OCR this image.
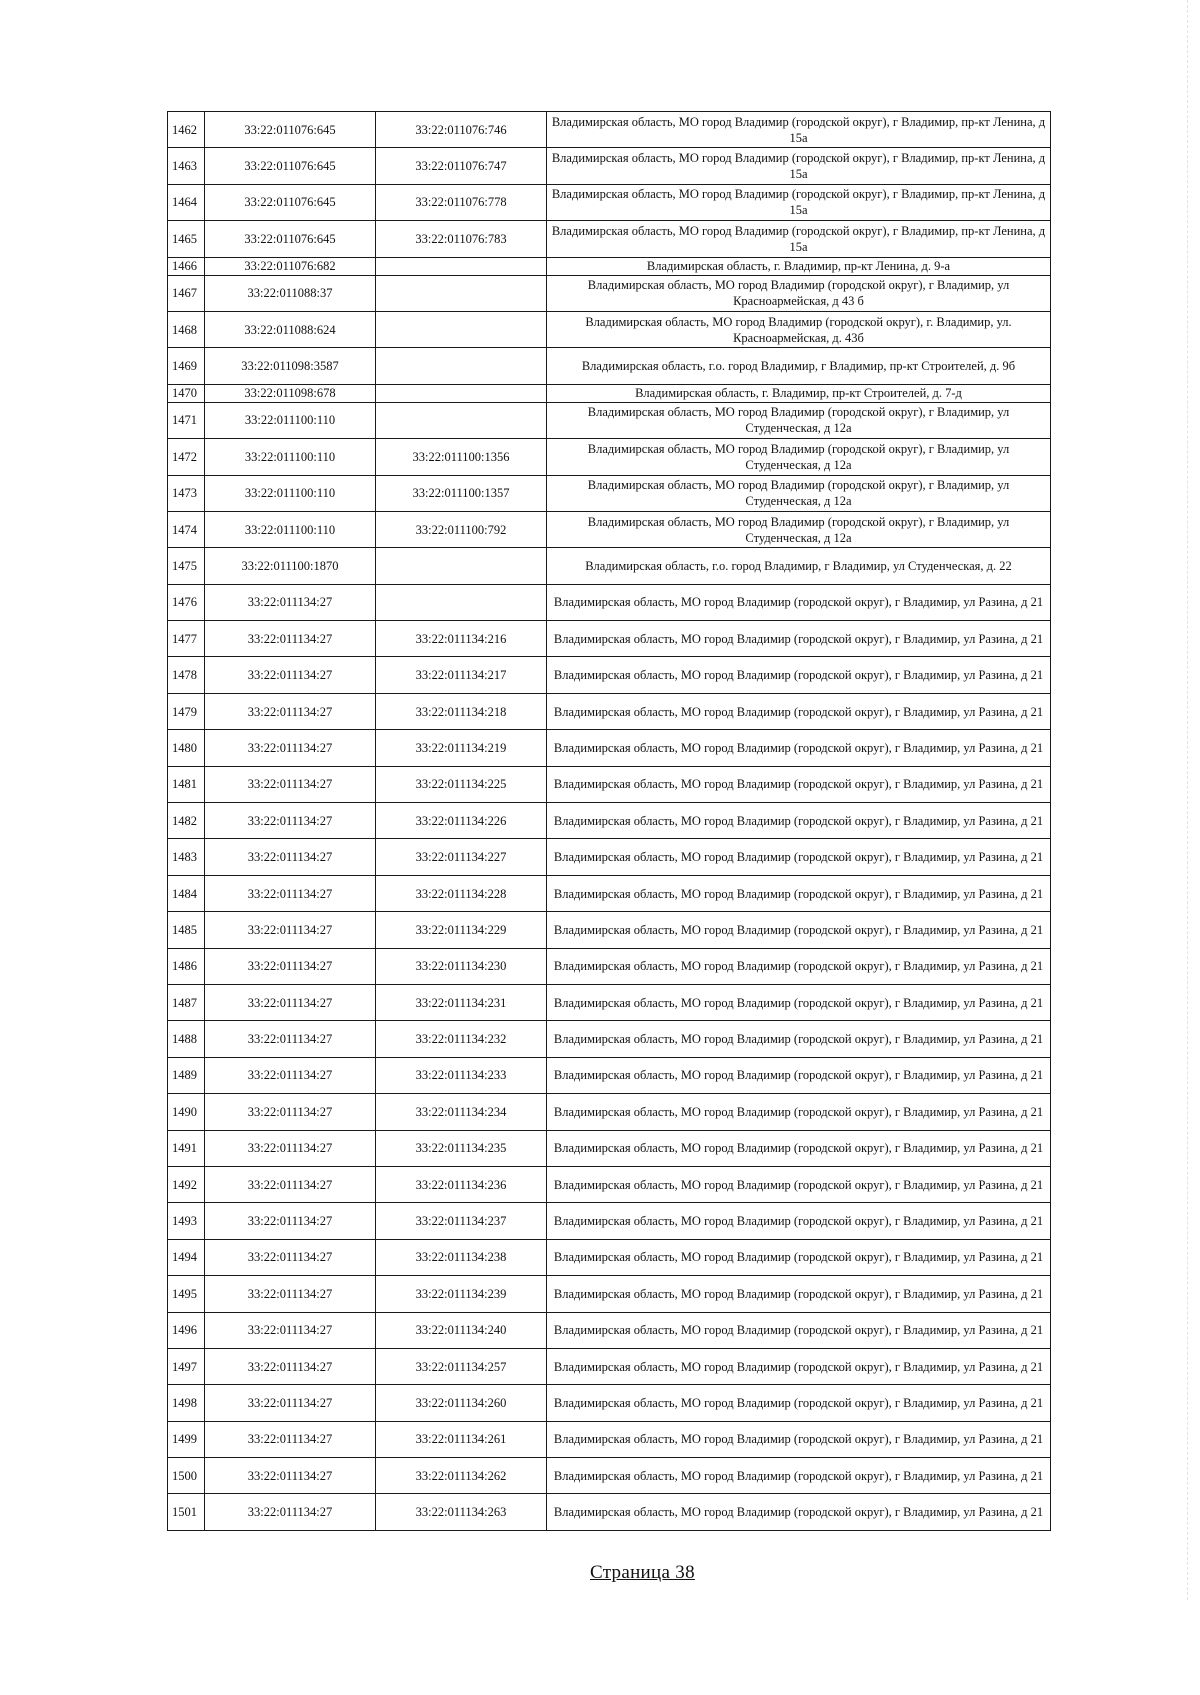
1462	33:22:011076:645	33:22:011076:746	Владимирская область, МО город Владимир (городской округ), г Владимир, пр-кт Ленина, д 15а
1463	33:22:011076:645	33:22:011076:747	Владимирская область, МО город Владимир (городской округ), г Владимир, пр-кт Ленина, д 15а
1464	33:22:011076:645	33:22:011076:778	Владимирская область, МО город Владимир (городской округ), г Владимир, пр-кт Ленина, д 15а
1465	33:22:011076:645	33:22:011076:783	Владимирская область, МО город Владимир (городской округ), г Владимир, пр-кт Ленина, д 15а
1466	33:22:011076:682		Владимирская область, г. Владимир, пр-кт Ленина, д. 9-а
1467	33:22:011088:37		Владимирская область, МО город Владимир (городской округ), г Владимир, ул Красноармейская, д 43 б
1468	33:22:011088:624		Владимирская область, МО город Владимир (городской округ), г. Владимир, ул. Красноармейская, д. 43б
1469	33:22:011098:3587		Владимирская область, г.о. город Владимир, г Владимир, пр-кт Строителей, д. 9б
1470	33:22:011098:678		Владимирская область, г. Владимир, пр-кт Строителей, д. 7-д
1471	33:22:011100:110		Владимирская область, МО город Владимир (городской округ), г Владимир, ул Студенческая, д 12а
1472	33:22:011100:110	33:22:011100:1356	Владимирская область, МО город Владимир (городской округ), г Владимир, ул Студенческая, д 12а
1473	33:22:011100:110	33:22:011100:1357	Владимирская область, МО город Владимир (городской округ), г Владимир, ул Студенческая, д 12а
1474	33:22:011100:110	33:22:011100:792	Владимирская область, МО город Владимир (городской округ), г Владимир, ул Студенческая, д 12а
1475	33:22:011100:1870		Владимирская область, г.о. город Владимир, г Владимир, ул Студенческая, д. 22
1476	33:22:011134:27		Владимирская область, МО город Владимир (городской округ), г Владимир, ул Разина, д 21
1477	33:22:011134:27	33:22:011134:216	Владимирская область, МО город Владимир (городской округ), г Владимир, ул Разина, д 21
1478	33:22:011134:27	33:22:011134:217	Владимирская область, МО город Владимир (городской округ), г Владимир, ул Разина, д 21
1479	33:22:011134:27	33:22:011134:218	Владимирская область, МО город Владимир (городской округ), г Владимир, ул Разина, д 21
1480	33:22:011134:27	33:22:011134:219	Владимирская область, МО город Владимир (городской округ), г Владимир, ул Разина, д 21
1481	33:22:011134:27	33:22:011134:225	Владимирская область, МО город Владимир (городской округ), г Владимир, ул Разина, д 21
1482	33:22:011134:27	33:22:011134:226	Владимирская область, МО город Владимир (городской округ), г Владимир, ул Разина, д 21
1483	33:22:011134:27	33:22:011134:227	Владимирская область, МО город Владимир (городской округ), г Владимир, ул Разина, д 21
1484	33:22:011134:27	33:22:011134:228	Владимирская область, МО город Владимир (городской округ), г Владимир, ул Разина, д 21
1485	33:22:011134:27	33:22:011134:229	Владимирская область, МО город Владимир (городской округ), г Владимир, ул Разина, д 21
1486	33:22:011134:27	33:22:011134:230	Владимирская область, МО город Владимир (городской округ), г Владимир, ул Разина, д 21
1487	33:22:011134:27	33:22:011134:231	Владимирская область, МО город Владимир (городской округ), г Владимир, ул Разина, д 21
1488	33:22:011134:27	33:22:011134:232	Владимирская область, МО город Владимир (городской округ), г Владимир, ул Разина, д 21
1489	33:22:011134:27	33:22:011134:233	Владимирская область, МО город Владимир (городской округ), г Владимир, ул Разина, д 21
1490	33:22:011134:27	33:22:011134:234	Владимирская область, МО город Владимир (городской округ), г Владимир, ул Разина, д 21
1491	33:22:011134:27	33:22:011134:235	Владимирская область, МО город Владимир (городской округ), г Владимир, ул Разина, д 21
1492	33:22:011134:27	33:22:011134:236	Владимирская область, МО город Владимир (городской округ), г Владимир, ул Разина, д 21
1493	33:22:011134:27	33:22:011134:237	Владимирская область, МО город Владимир (городской округ), г Владимир, ул Разина, д 21
1494	33:22:011134:27	33:22:011134:238	Владимирская область, МО город Владимир (городской округ), г Владимир, ул Разина, д 21
1495	33:22:011134:27	33:22:011134:239	Владимирская область, МО город Владимир (городской округ), г Владимир, ул Разина, д 21
1496	33:22:011134:27	33:22:011134:240	Владимирская область, МО город Владимир (городской округ), г Владимир, ул Разина, д 21
1497	33:22:011134:27	33:22:011134:257	Владимирская область, МО город Владимир (городской округ), г Владимир, ул Разина, д 21
1498	33:22:011134:27	33:22:011134:260	Владимирская область, МО город Владимир (городской округ), г Владимир, ул Разина, д 21
1499	33:22:011134:27	33:22:011134:261	Владимирская область, МО город Владимир (городской округ), г Владимир, ул Разина, д 21
1500	33:22:011134:27	33:22:011134:262	Владимирская область, МО город Владимир (городской округ), г Владимир, ул Разина, д 21
1501	33:22:011134:27	33:22:011134:263	Владимирская область, МО город Владимир (городской округ), г Владимир, ул Разина, д 21
Страница 38
